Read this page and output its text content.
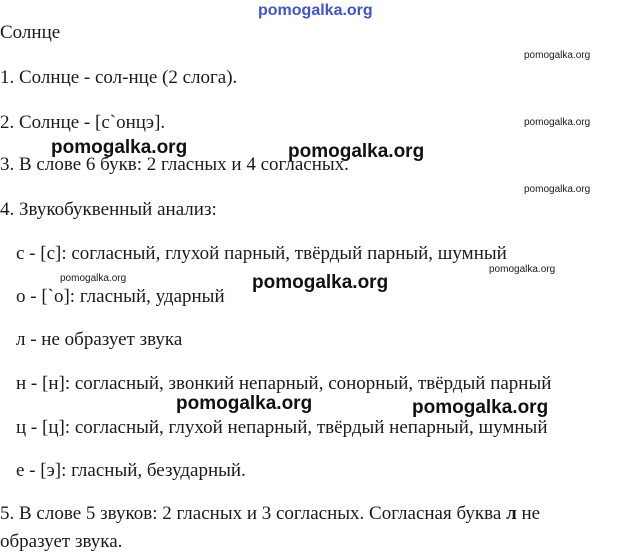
pomogalka.org
Солнце
pomogalka.org
1. Солнце - сол-нце (2 слога).
2. Солнце - [с`онцэ].	pomogalka.org
pomogalka.org	pomogalka.org
3. В слове 6 букв: 2 гласных и 4 согласных.
pomogalka.org
4. Звукобуквенный анализ:
с - [с]: согласный, глухой парный, твёрдый парный, шумный
pomogalka.org
pomogalka.org	pomogalka.org
о - [`о]: гласный, ударный
л - не образует звука
н - [н]: согласный, звонкий непарный, сонорный, твёрдый парный
pomogalka.org	pomogalka.org
ц - [ц]: согласный, глухой непарный, твёрдый непарный, шумный
е - [э]: гласный, безударный.
5. В слове 5 звуков: 2 гласных и 3 согласных. Согласная буква л не
образует звука.
